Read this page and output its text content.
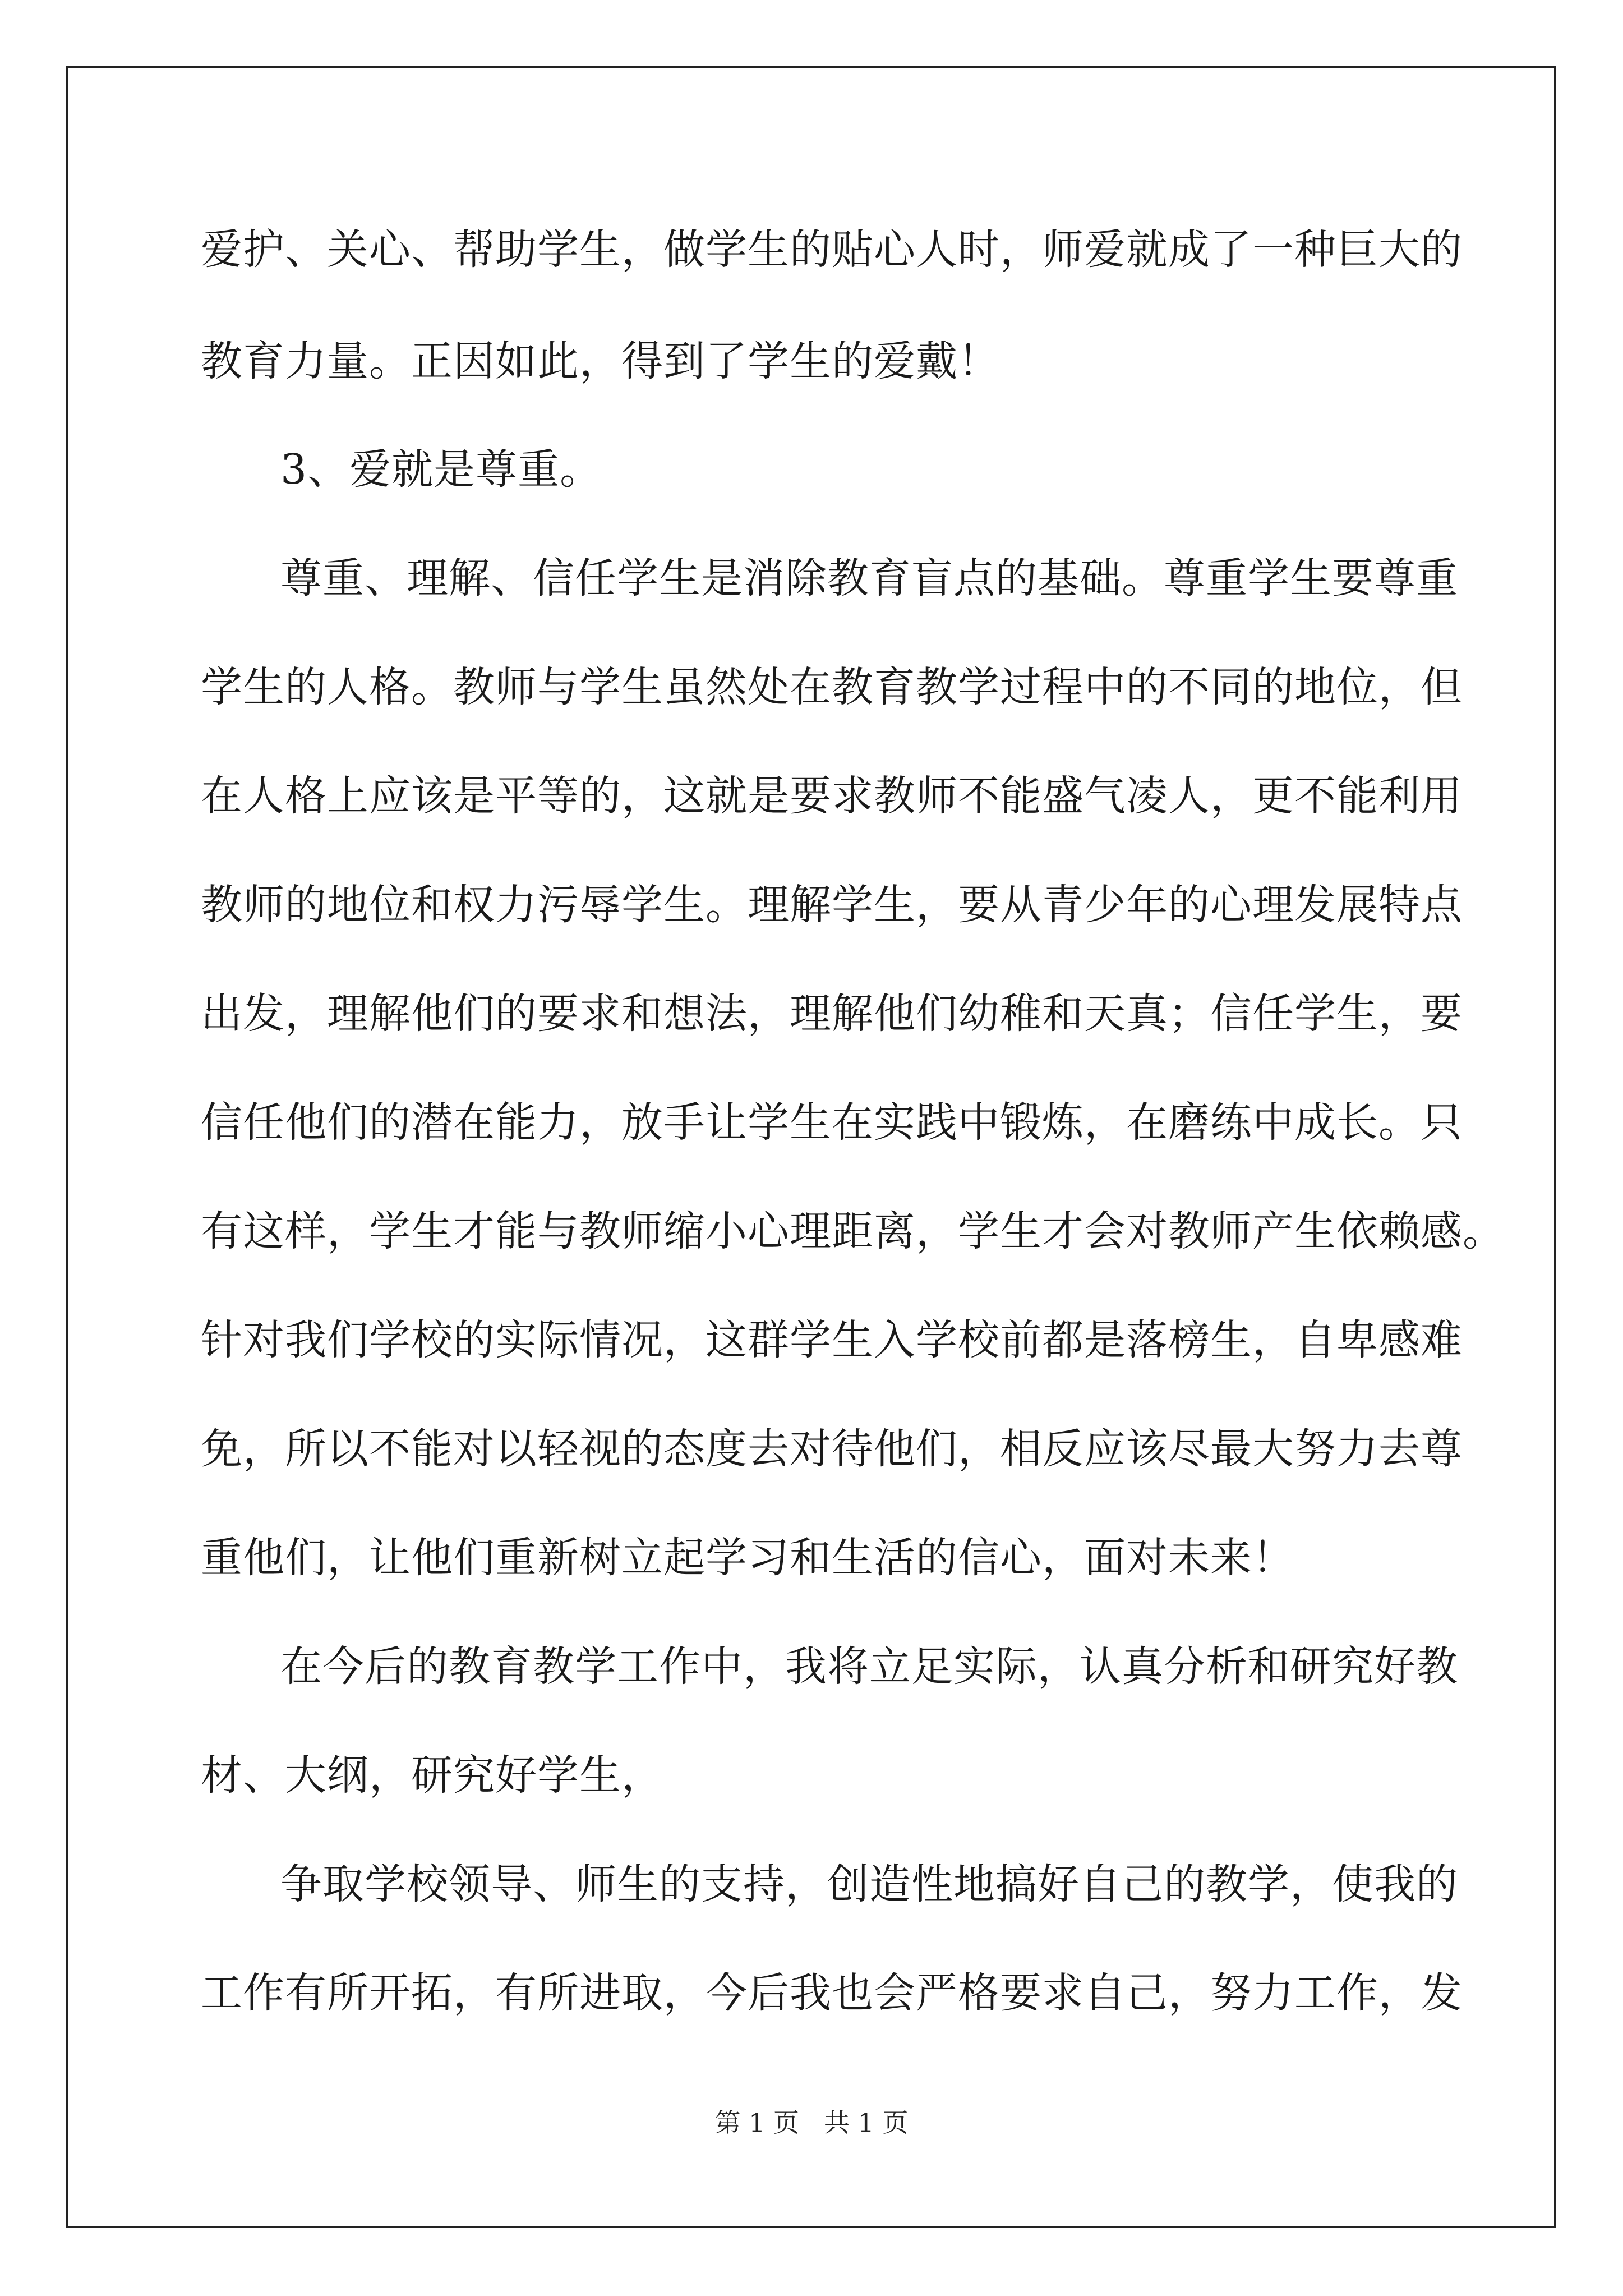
爱护、关心、帮助学生，做学生的贴心人时，师爱就成了一种巨大的
教育力量。正因如此，得到了学生的爱戴！
3、爱就是尊重。
尊重、理解、信任学生是消除教育盲点的基础。尊重学生要尊重
学生的人格。教师与学生虽然处在教育教学过程中的不同的地位，但
在人格上应该是平等的，这就是要求教师不能盛气凌人，更不能利用
教师的地位和权力污辱学生。理解学生，要从青少年的心理发展特点
出发，理解他们的要求和想法，理解他们幼稚和天真；信任学生，要
信任他们的潜在能力，放手让学生在实践中锻炼，在磨练中成长。只
有这样，学生才能与教师缩小心理距离，学生才会对教师产生依赖感。
针对我们学校的实际情况，这群学生入学校前都是落榜生，自卑感难
免，所以不能对以轻视的态度去对待他们，相反应该尽最大努力去尊
重他们，让他们重新树立起学习和生活的信心，面对未来！
在今后的教育教学工作中，我将立足实际，认真分析和研究好教
材、大纲，研究好学生，
争取学校领导、师生的支持，创造性地搞好自己的教学，使我的
工作有所开拓，有所进取，今后我也会严格要求自己，努力工作，发
第 1 页 共 1 页
